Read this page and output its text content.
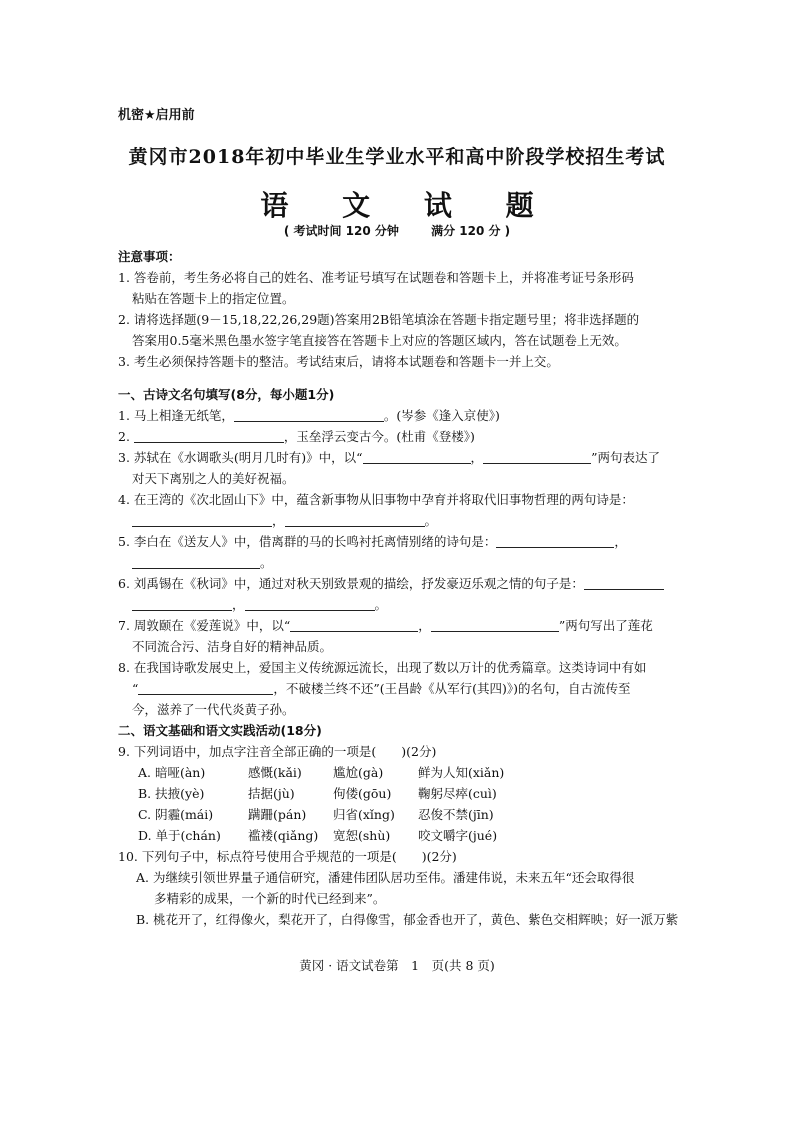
机密★启用前
黄冈市2018年初中毕业生学业水平和高中阶段学校招生考试
语 文 试 题
( 考试时间 120 分钟	满分 120 分 )
注意事项：
1. 答卷前，考生务必将自己的姓名、准考证号填写在试题卷和答题卡上，并将准考证号条形码
粘贴在答题卡上的指定位置。
2. 请将选择题(9－15,18,22,26,29题)答案用2B铅笔填涂在答题卡指定题号里；将非选择题的
答案用0.5毫米黑色墨水签字笔直接答在答题卡上对应的答题区域内，答在试题卷上无效。
3. 考生必须保持答题卡的整洁。考试结束后，请将本试题卷和答题卡一并上交。
一、古诗文名句填写(8分，每小题1分)
1. 马上相逢无纸笔，	。(岑参《逢入京使》)
2.	，玉垒浮云变古今。(杜甫《登楼》)
3. 苏轼在《水调歌头(明月几时有)》中，以“	，	”两句表达了
对天下离别之人的美好祝福。
4. 在王湾的《次北固山下》中，蕴含新事物从旧事物中孕育并将取代旧事物哲理的两句诗是：
，	。
5. 李白在《送友人》中，借离群的马的长鸣衬托离情别绪的诗句是：	，
。
6. 刘禹锡在《秋词》中，通过对秋天别致景观的描绘，抒发豪迈乐观之情的句子是：
，	。
7. 周敦颐在《爱莲说》中，以“	，	”两句写出了莲花
不同流合污、洁身自好的精神品质。
8. 在我国诗歌发展史上，爱国主义传统源远流长，出现了数以万计的优秀篇章。这类诗词中有如
“	，不破楼兰终不还”(王昌龄《从军行(其四)》)的名句，自古流传至
今，滋养了一代代炎黄子孙。
二、语文基础和语文实践活动(18分)
9. 下列词语中，加点字注音全部正确的一项是(　　)(2分)
A. 暗哑(àn)	感慨(kǎi)	尴尬(gà)	鲜为人知(xiǎn)
B. 扶掖(yè)	拮据(jù)	佝偻(gōu)	鞠躬尽瘁(cuì)
C. 阴霾(mái)	蹒跚(pán)	归省(xǐng)	忍俊不禁(jīn)
D. 单于(chán)	褴褛(qiǎng)	宽恕(shù)	咬文嚼字(jué)
10. 下列句子中，标点符号使用合乎规范的一项是(　　)(2分)
A. 为继续引领世界量子通信研究，潘建伟团队居功至伟。潘建伟说，未来五年“还会取得很
多精彩的成果，一个新的时代已经到来”。
B. 桃花开了，红得像火，梨花开了，白得像雪，郁金香也开了，黄色、紫色交相辉映；好一派万紫
黄冈 · 语文试卷第　1　页(共 8 页)
